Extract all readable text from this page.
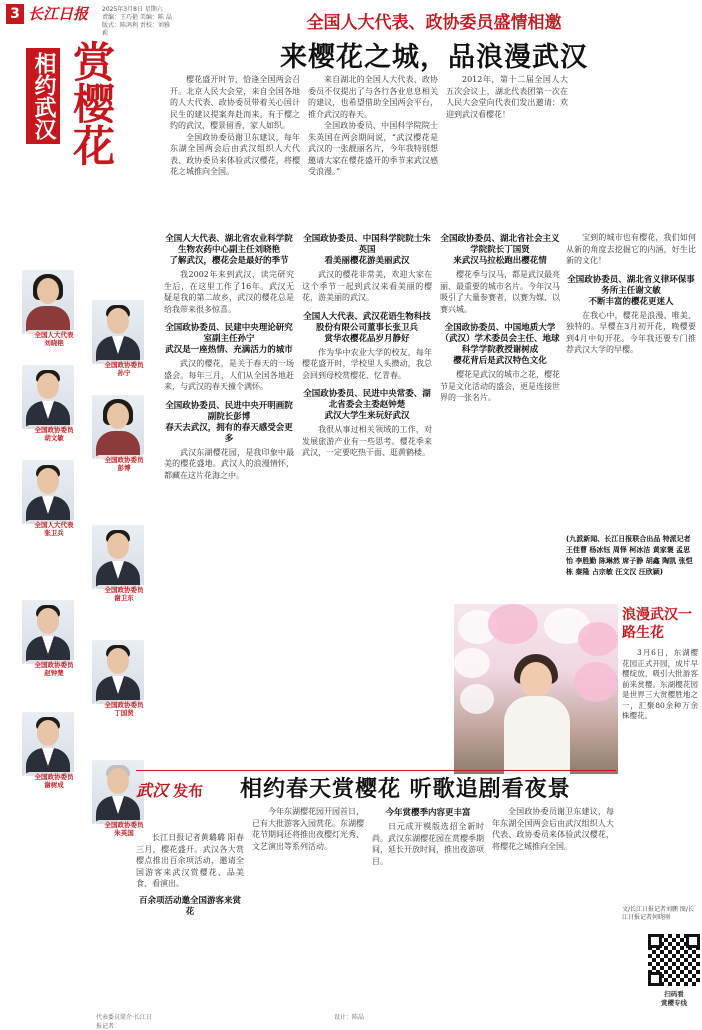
3 长江日报 2025年3月8日 星期六
责编：王巧艳 美编：陈 晶
版式：陈鸿利 责校：刘雅莉
全国人大代表、政协委员盛情相邀
来樱花之城，品浪漫武汉
相约武汉 赏樱花	樱花盛开时节，恰逢全国两会召开。北京人民大会堂，来自全国各地的人大代表、政协委员带着关心国计民生的建议提案奔赴而来。有于樱之约的武汉，樱景留香，家人如织。
全国政协委员谢卫东建议，每年东湖全国两会后由武汉组织人大代表、政协委员来体验武汉樱花，将樱花之城推向全国。
来自湖北的全国人大代表、政协委员不仅提出了与各行各业息息相关的建议，也希望借助全国两会平台，推介武汉的春天。
全国政协委员、中国科学院院士朱英国在两会期间说，“武汉樱花是武汉的一张靓丽名片，今年我特别想邀请大家在樱花盛开的季节来武汉感受浪漫。”
2012年，第十二届全国人大五次会议上，湖北代表团第一次在人民大会堂向代表们发出邀请：欢迎到武汉看樱花！
全国人大代表
刘晓艳
全国政协委员
孙宁
全国政协委员
胡文敏
全国政协委员
彭博
全国人大代表
张卫兵
全国政协委员
谢卫东
全国政协委员
赵钟楚
全国政协委员
丁国贤
全国政协委员
谢树成
全国政协委员
朱英国
全国人大代表、湖北省农业科学院生物农药中心副主任刘晓艳
了解武汉，樱花会是最好的季节
我2002年来到武汉，读完研究生后，在这里工作了16年。武汉无疑是我的第二故乡，武汉的樱花总是给我带来很多惊喜。
全国政协委员、民建中央理论研究室副主任孙宁
武汉是一座热情、充满活力的城市
武汉的樱花，是关于春天的一场盛会。每年三月，人们从全国各地赶来，与武汉的春天撞个满怀。
全国政协委员、民进中央开明画院副院长彭博
春天去武汉，拥有的春天感受会更多
武汉东湖樱花园，是我印象中最美的樱花盛地。武汉人的浪漫情怀，都藏在这片花海之中。
全国政协委员、中国科学院院士朱英国
看美丽樱花游美丽武汉
武汉的樱花非常美，欢迎大家在这个季节一起到武汉来看美丽的樱花，游美丽的武汉。
全国人大代表、武汉花语生物科技股份有限公司董事长张卫兵
赏华农樱花品岁月静好
作为华中农业大学的校友，每年樱花盛开时，学校里人头攒动，我总会回到母校赏樱花、忆青春。
全国政协委员、民进中央常委、湖北省委会主委赵钟楚
武汉大学生来玩好武汉
我很从事过相关领域的工作，对发展旅游产业有一些思考。樱花季来武汉，一定要吃热干面、逛黄鹤楼。
全国政协委员、湖北省社会主义学院院长丁国贤
来武汉马拉松跑出樱花情
樱花季与汉马，都是武汉最亮丽、最重要的城市名片。今年汉马吸引了大量参赛者，以赛为媒、以赛兴城。
全国政协委员、中国地质大学（武汉）学术委员会主任、地球科学学院教授谢树成
樱花背后是武汉特色文化
樱花是武汉的城市之花，樱花节是文化活动的盛会，更是连接世界的一张名片。
宝到的城市也有樱花，我们如何从新的角度去挖掘它的内涵，好生比新的文化！
全国政协委员、湖北省义律环保事务所主任谢文敏
不断丰富的樱花更迷人
在我心中，樱花是浪漫、唯美、独特的。早樱在3月初开花，晚樱要到4月中旬开花。今年我还要专门推荐武汉大学的早樱。
(九派新闻、长江日报联合出品 特派记者 王佳曹 杨冰钰 周怿 柯冰洁 黄家褒 孟思怡 李胜勤 陈琳然 席子静 胡鑫 陶凯 张恺栋 秦隆 占宗敏 汪文汉 汪欣颖)
浪漫武汉一路生花
3月6日，东湖樱花园正式开园，成片早樱绽放，吸引大批游客前来赏樱。东湖樱花园是世界三大赏樱胜地之一，汇聚80余种万余株樱花。
文/长江日报记者刘鹏 图/长江日报记者何晓刚
相约春天赏樱花 听歌追剧看夜景
武汉 发布
长江日报记者黄璐璐 阳春三月，樱花盛开。武汉各大赏樱点推出百余项活动，邀请全国游客来武汉赏樱花、品美食、看演出。
百余项活动邀全国游客来赏花
今年东湖樱花园开园首日，已有大批游客入园赏花。东湖樱花节期间还将推出夜樱灯光秀、文艺演出等系列活动。
今年赏樱季内容更丰富
日元成开模版选招全新时尚。武汉东湖樱花园在赏樱季期间，延长开放时间，推出夜游项目。
全国政协委员谢卫东建议，每年东湖全国两会后由武汉组织人大代表、政协委员来体验武汉樱花，将樱花之城推向全国。
扫码看
赏樱专线
代表委员简介·长江日报记者
设计：陈晶
